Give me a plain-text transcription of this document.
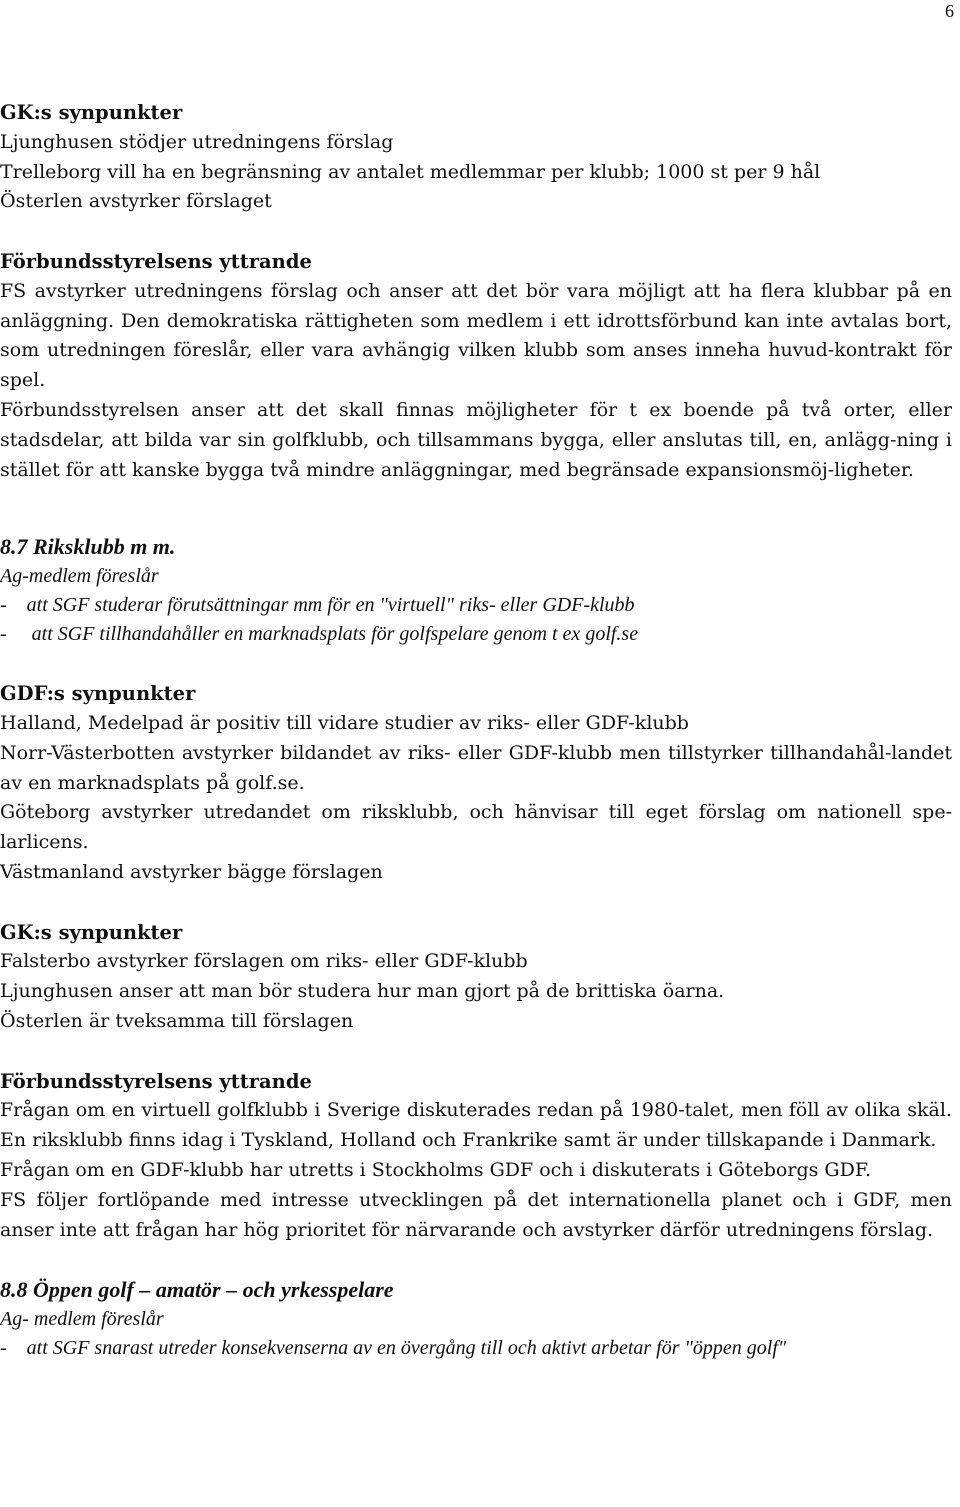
6

GK:s synpunkter

Ljunghusen stödjer utredningens förslag

Trelleborg vill ha en begränsning av antalet medlemmar per klubb; 1000 st per 9 hål

Österlen avstyrker förslaget

Förbundsstyrelsens yttrande

FS avstyrker utredningens förslag och anser att det bör vara möjligt att ha flera klubbar på en anläggning. Den demokratiska rättigheten som medlem i ett idrottsförbund kan inte avtalas bort, som utredningen föreslår, eller vara avhängig vilken klubb som anses inneha huvud-kontrakt för spel.

Förbundsstyrelsen anser att det skall finnas möjligheter för t ex boende på två orter, eller stadsdelar, att bilda var sin golfklubb, och tillsammans bygga, eller anslutas till, en, anlägg-ning i stället för att kanske bygga två mindre anläggningar, med begränsade expansionsmöj-ligheter.

8.7 Riksklubb m m.

Ag-medlem föreslår

-    att SGF studerar förutsättningar mm för en "virtuell" riks- eller GDF-klubb

-     att SGF tillhandahåller en marknadsplats för golfspelare genom t ex golf.se

GDF:s synpunkter

Halland, Medelpad är positiv till vidare studier av riks- eller GDF-klubb

Norr-Västerbotten avstyrker bildandet av riks- eller GDF-klubb men tillstyrker tillhandahål-landet av en marknadsplats på golf.se.

Göteborg avstyrker utredandet om riksklubb, och hänvisar till eget förslag om nationell spe-larlicens.

Västmanland avstyrker bägge förslagen

GK:s synpunkter

Falsterbo avstyrker förslagen om riks- eller GDF-klubb

Ljunghusen anser att man bör studera hur man gjort på de brittiska öarna.

Österlen är tveksamma till förslagen

Förbundsstyrelsens yttrande

Frågan om en virtuell golfklubb i Sverige diskuterades redan på 1980-talet, men föll av olika skäl. En riksklubb finns idag i Tyskland, Holland och Frankrike samt är under tillskapande i Danmark.

Frågan om en GDF-klubb har utretts i Stockholms GDF och i diskuterats i Göteborgs GDF.

FS följer fortlöpande med intresse utvecklingen på det internationella planet och i GDF, men anser inte att frågan har hög prioritet för närvarande och avstyrker därför utredningens förslag.

8.8 Öppen golf – amatör – och yrkesspelare

Ag- medlem föreslår

-    att SGF snarast utreder konsekvenserna av en övergång till och aktivt arbetar för "öppen golf"
